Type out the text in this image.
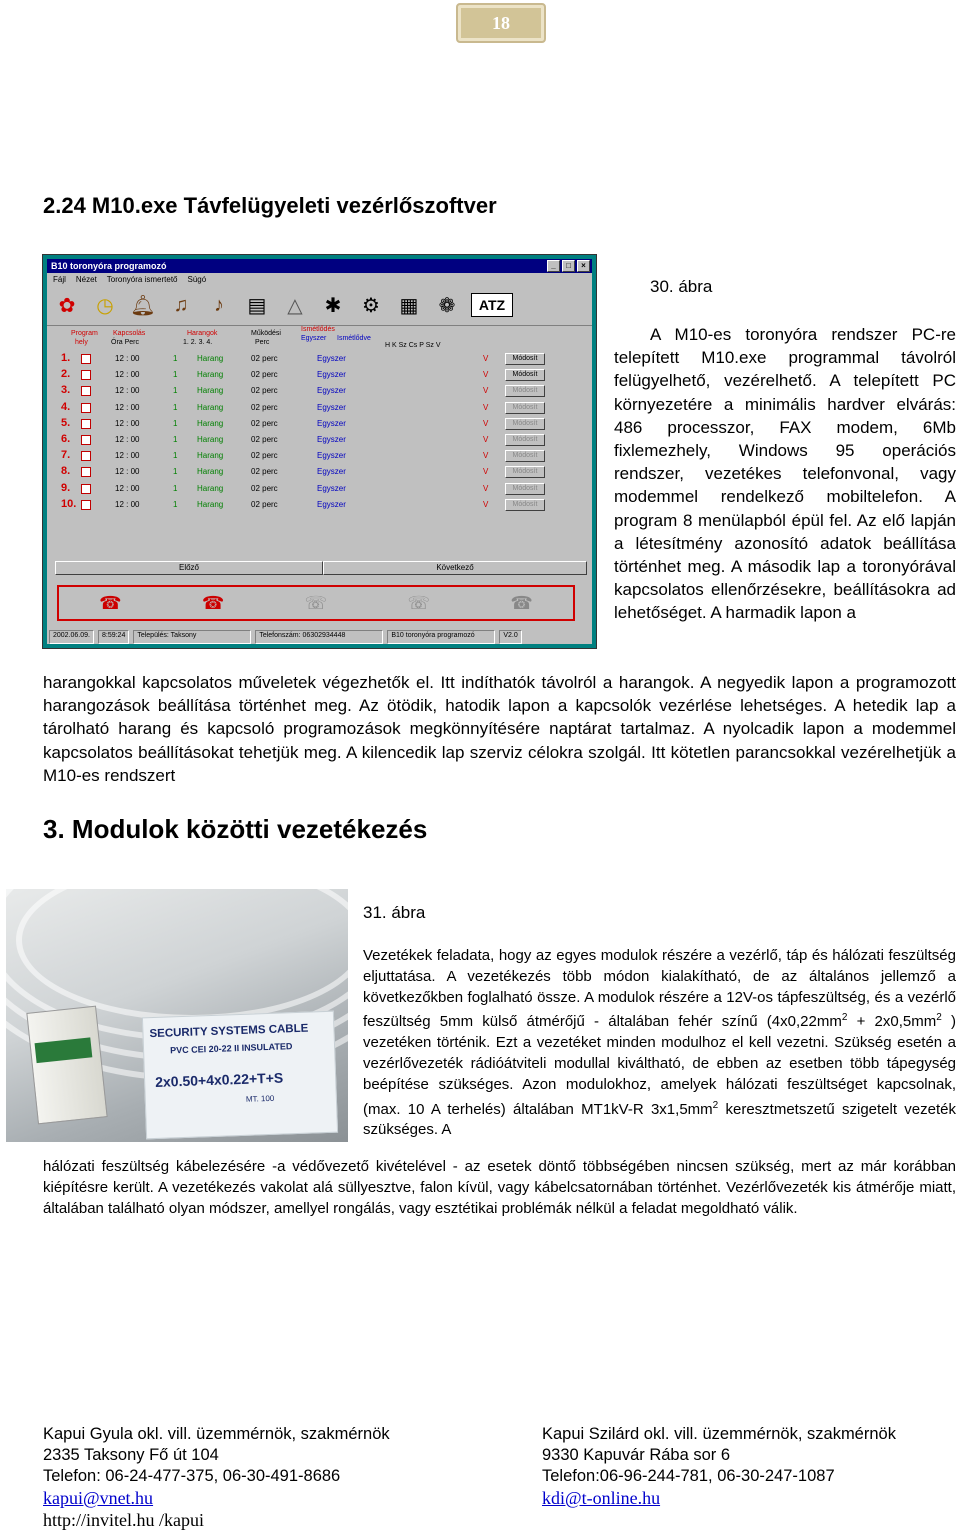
18
2.24 M10.exe Távfelügyeleti vezérlőszoftver
B10 toronyóra programozó	_	□	×
Fájl Nézet Toronyóra ismertető Súgó
✿ ◷ 🔔︎ ♫	♪	▤	△	✱ ⚙ ▦ ❁	ATZ
Program
hely
Kapcsolás
Óra Perc
Harangok
1. 2. 3. 4.
Működési
Perc
Ismétlődés
Egyszer Ismétlődve
H K Sz Cs P Sz V
1.	12 : 00	1 Harang	02 perc	Egyszer	V	Módosít
2.	12 : 00	1 Harang	02 perc	Egyszer	V	Módosít
3.	12 : 00	1 Harang	02 perc	Egyszer	V	Módosít
4.	12 : 00	1 Harang	02 perc	Egyszer	V	Módosít
5.	12 : 00	1 Harang	02 perc	Egyszer	V	Módosít
6.	12 : 00	1 Harang	02 perc	Egyszer	V	Módosít
7.	12 : 00	1 Harang	02 perc	Egyszer	V	Módosít
8.	12 : 00	1 Harang	02 perc	Egyszer	V	Módosít
9.	12 : 00	1 Harang	02 perc	Egyszer	V	Módosít
10.	12 : 00	1 Harang	02 perc	Egyszer	V	Módosít
Előző	Következő
☎	☎	☏	☏	☎
2002.06.09.	8:59:24	Település: Taksony	Telefonszám: 06302934448	B10 toronyóra programozó	V2.0
30. ábra
A M10-es toronyóra rendszer PC-re telepített M10.exe programmal távolról felügyelhető, vezérelhető. A telepített PC környezetére a minimális hardver elvárás: 486 processzor, FAX modem, 6Mb fixlemezhely, Windows 95 operációs rendszer, vezetékes telefonvonal, vagy modemmel rendelkező mobiltelefon. A program 8 menülapból épül fel. Az elő lapján a létesítmény azonosító adatok beállítása történhet meg. A második lap a toronyórával kapcsolatos ellenőrzésekre, beállításokra ad lehetőséget. A harmadik lapon a
harangokkal kapcsolatos műveletek végezhetők el. Itt indíthatók távolról a harangok. A negyedik lapon a programozott harangozások beállítása történhet meg. Az ötödik, hatodik lapon a kapcsolók vezérlése lehetséges. A hetedik lap a tárolható harang és kapcsoló programozások megkönnyítésére naptárat tartalmaz. A nyolcadik lapon a modemmel kapcsolatos beállításokat tehetjük meg. A kilencedik lap szerviz célokra szolgál. Itt kötetlen parancsokkal vezérelhetjük a M10-es rendszert
3. Modulok közötti vezetékezés
SECURITY SYSTEMS CABLE
PVC CEI 20-22 II INSULATED
2x0.50+4x0.22+T+S
MT. 100
31. ábra
Vezetékek feladata, hogy az egyes modulok részére a vezérlő, táp és hálózati feszültség eljuttatása. A vezetékezés több módon kialakítható, de az általános jellemző a következőkben foglalható össze. A modulok részére a 12V-os tápfeszültség, és a vezérlő feszültség 5mm külső átmérőjű - általában fehér színű ($4x0,22mm^2 + 2x0,5mm^2$ ) vezetéken történik. Ezt a vezetéket minden modulhoz el kell vezetni. Szükség esetén a vezérlővezeték rádióátviteli modullal kiváltható, de ebben az esetben több tápegység beépítése szükséges. Azon modulokhoz, amelyek hálózati feszültséget kapcsolnak, (max. 10 A terhelés) általában MT1kV-R $3x1,5mm^2$ keresztmetszetű szigetelt vezeték szükséges. A
hálózati feszültség kábelezésére -a védővezető kivételével - az esetek döntő többségében nincsen szükség, mert az már korábban kiépítésre került. A vezetékezés vakolat alá süllyesztve, falon kívül, vagy kábelcsatornában történhet. Vezérlővezeték kis átmérője miatt, általában található olyan módszer, amellyel rongálás, vagy esztétikai problémák nélkül a feladat megoldható válik.
Kapui Gyula okl. vill. üzemmérnök, szakmérnök
2335 Taksony Fő út 104
Telefon: 06-24-477-375, 06-30-491-8686
kapui@vnet.hu
http://invitel.hu /kapui
Kapui Szilárd okl. vill. üzemmérnök, szakmérnök
9330 Kapuvár Rába sor 6
Telefon:06-96-244-781, 06-30-247-1087
kdi@t-online.hu
